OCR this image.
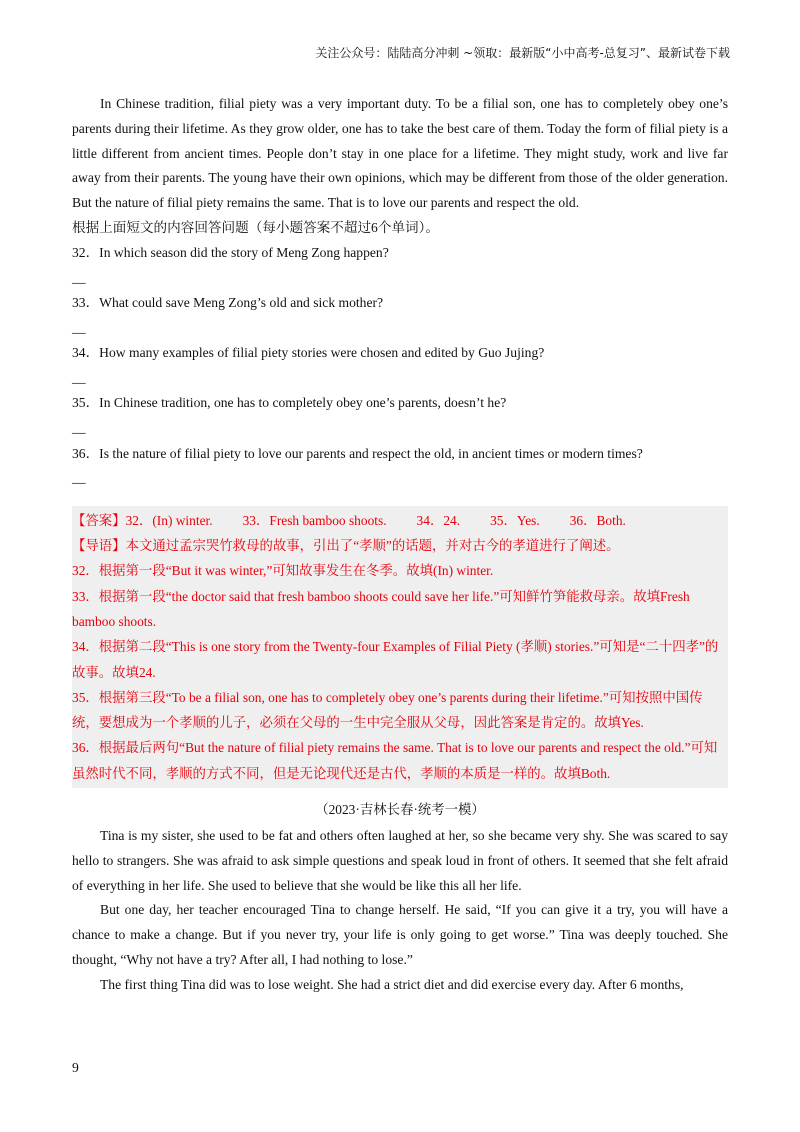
关注公众号：陆陆高分冲刺 ~领取：最新版“小中高考-总复习”、最新试卷下载

In Chinese tradition, filial piety was a very important duty. To be a filial son, one has to completely obey one’s parents during their lifetime. As they grow older, one has to take the best care of them. Today the form of filial piety is a little different from ancient times. People don’t stay in one place for a lifetime. They might study, work and live far away from their parents. The young have their own opinions, which may be different from those of the older generation. But the nature of filial piety remains the same. That is to love our parents and respect the old.

根据上面短文的内容回答问题（每小题答案不超过6个单词）。

32．In which season did the story of Meng Zong happen?

__

33．What could save Meng Zong’s old and sick mother?

__

34．How many examples of filial piety stories were chosen and edited by Guo Jujing?

__

35．In Chinese tradition, one has to completely obey one’s parents, doesn’t he?

__

36．Is the nature of filial piety to love our parents and respect the old, in ancient times or modern times?

__

【答案】32．(In) winter. 33．Fresh bamboo shoots. 34．24. 35．Yes. 36．Both.

【导语】本文通过孟宗哭竹救母的故事，引出了“孝顺”的话题，并对古今的孝道进行了阐述。

32．根据第一段“But it was winter,”可知故事发生在冬季。故填(In) winter.

33．根据第一段“the doctor said that fresh bamboo shoots could save her life.”可知鲜竹笋能救母亲。故填Fresh bamboo shoots.

34．根据第二段“This is one story from the Twenty-four Examples of Filial Piety (孝顺) stories.”可知是“二十四孝”的故事。故填24.

35．根据第三段“To be a filial son, one has to completely obey one’s parents during their lifetime.”可知按照中国传统，要想成为一个孝顺的儿子，必须在父母的一生中完全服从父母，因此答案是肯定的。故填Yes.

36．根据最后两句“But the nature of filial piety remains the same. That is to love our parents and respect the old.”可知虽然时代不同，孝顺的方式不同，但是无论现代还是古代，孝顺的本质是一样的。故填Both.

（2023·吉林长春·统考一模）

Tina is my sister, she used to be fat and others often laughed at her, so she became very shy. She was scared to say hello to strangers. She was afraid to ask simple questions and speak loud in front of others. It seemed that she felt afraid of everything in her life. She used to believe that she would be like this all her life.

But one day, her teacher encouraged Tina to change herself. He said, “If you can give it a try, you will have a chance to make a change. But if you never try, your life is only going to get worse.” Tina was deeply touched. She thought, “Why not have a try? After all, I had nothing to lose.”

The first thing Tina did was to lose weight. She had a strict diet and did exercise every day. After 6 months,

9
